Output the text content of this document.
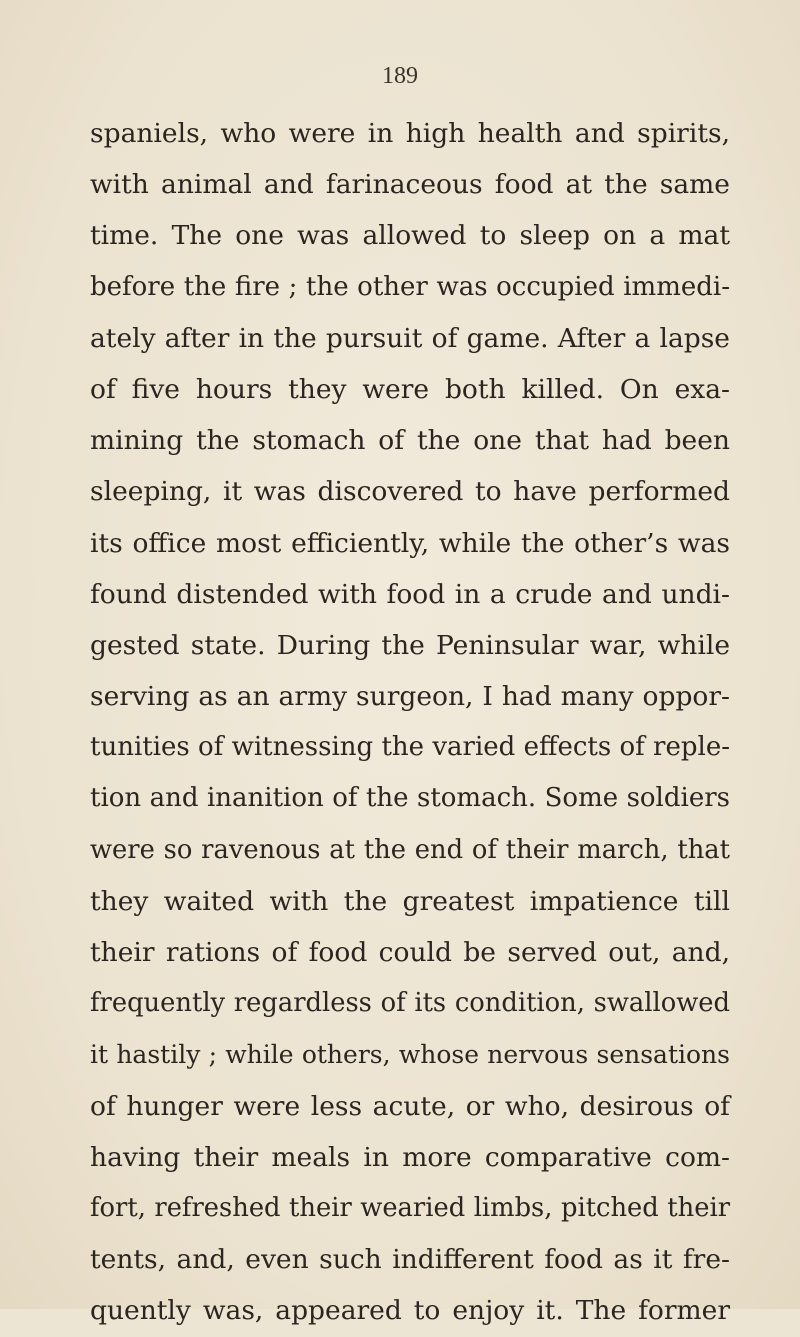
189
spaniels, who were in high health and spirits,
with animal and farinaceous food at the same
time. The one was allowed to sleep on a mat
before the fire ; the other was occupied immedi-
ately after in the pursuit of game. After a lapse
of five hours they were both killed. On exa-
mining the stomach of the one that had been
sleeping, it was discovered to have performed
its office most efficiently, while the other’s was
found distended with food in a crude and undi-
gested state. During the Peninsular war, while
serving as an army surgeon, I had many oppor-
tunities of witnessing the varied effects of reple-
tion and inanition of the stomach. Some soldiers
were so ravenous at the end of their march, that
they waited with the greatest impatience till
their rations of food could be served out, and,
frequently regardless of its condition, swallowed
it hastily ; while others, whose nervous sensations
of hunger were less acute, or who, desirous of
having their meals in more comparative com-
fort, refreshed their wearied limbs, pitched their
tents, and, even such indifferent food as it fre-
quently was, appeared to enjoy it. The former
